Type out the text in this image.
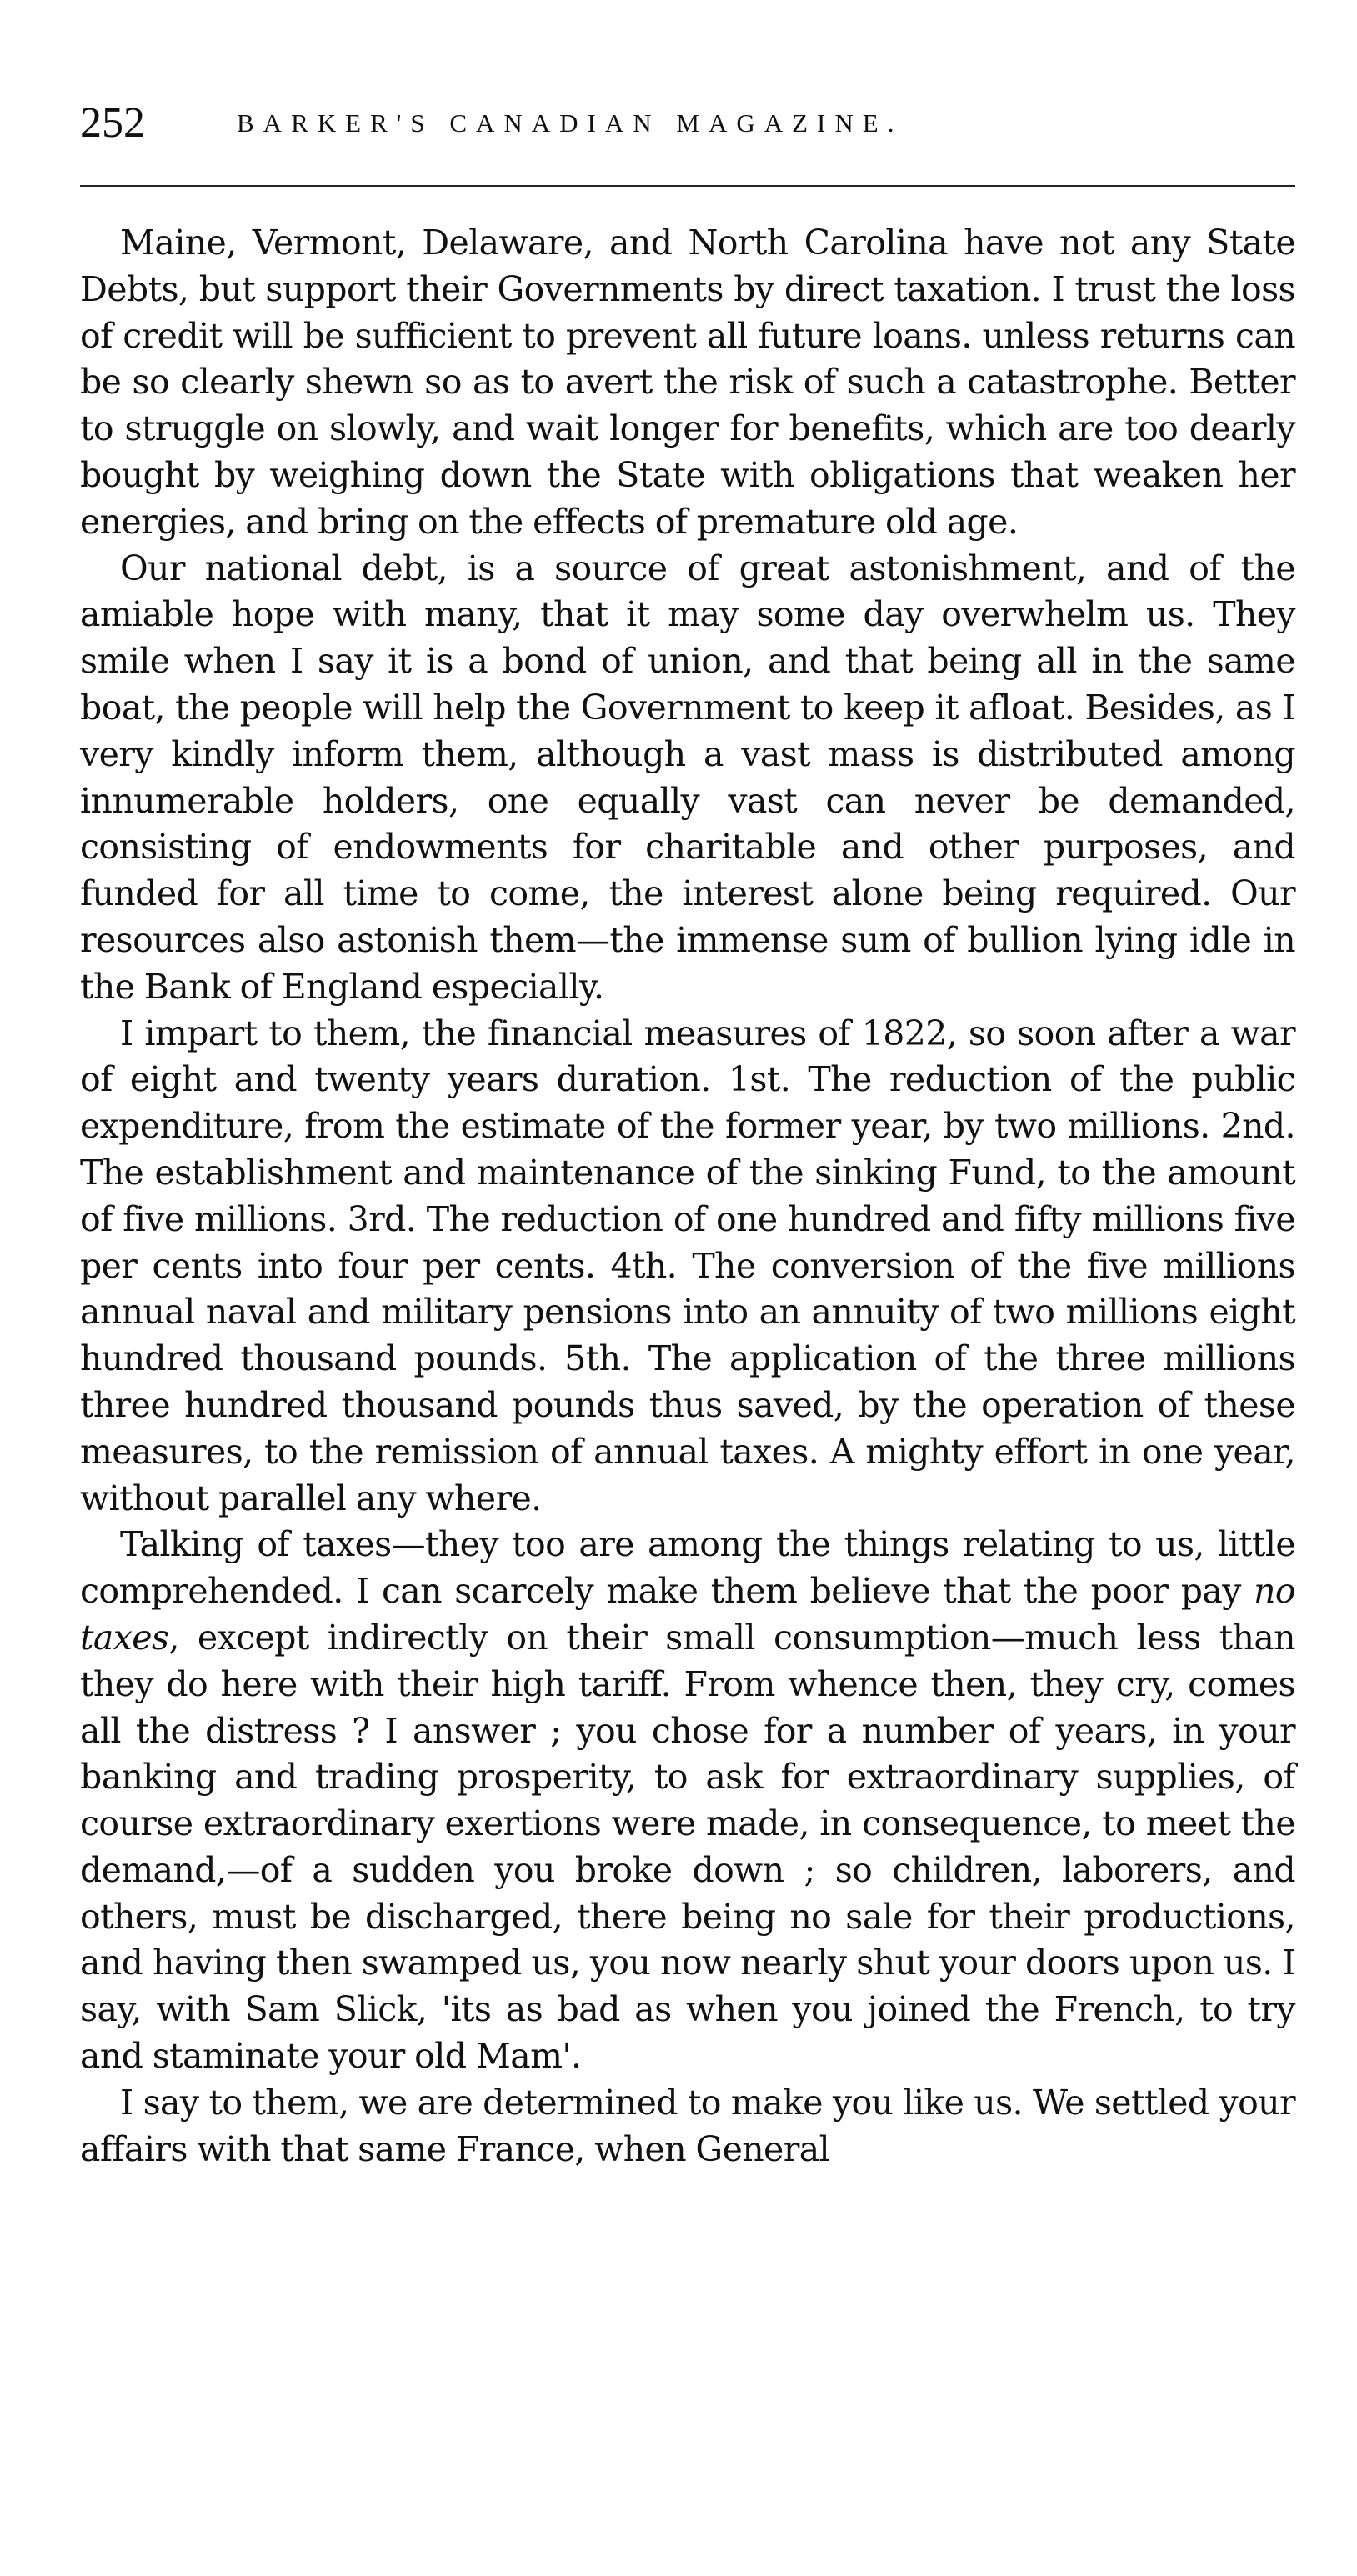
252	BARKER'S CANADIAN MAGAZINE.

Maine, Vermont, Delaware, and North Carolina have not any State Debts, but support their Governments by direct taxation. I trust the loss of credit will be sufficient to prevent all future loans. unless returns can be so clearly shewn so as to avert the risk of such a catastrophe. Better to struggle on slowly, and wait longer for benefits, which are too dearly bought by weighing down the State with obligations that weaken her energies, and bring on the effects of premature old age.

Our national debt, is a source of great astonishment, and of the amiable hope with many, that it may some day overwhelm us. They smile when I say it is a bond of union, and that being all in the same boat, the people will help the Government to keep it afloat. Besides, as I very kindly inform them, although a vast mass is distributed among innumerable holders, one equally vast can never be demanded, consisting of endowments for charitable and other purposes, and funded for all time to come, the interest alone being required. Our resources also astonish them—the immense sum of bullion lying idle in the Bank of England especially.

I impart to them, the financial measures of 1822, so soon after a war of eight and twenty years duration. 1st. The reduction of the public expenditure, from the estimate of the former year, by two millions. 2nd. The establishment and maintenance of the sinking Fund, to the amount of five millions. 3rd. The reduction of one hundred and fifty millions five per cents into four per cents. 4th. The conversion of the five millions annual naval and military pensions into an annuity of two millions eight hundred thousand pounds. 5th. The application of the three millions three hundred thousand pounds thus saved, by the operation of these measures, to the remission of annual taxes. A mighty effort in one year, without parallel any where.

Talking of taxes—they too are among the things relating to us, little comprehended. I can scarcely make them believe that the poor pay no taxes, except indirectly on their small consumption—much less than they do here with their high tariff. From whence then, they cry, comes all the distress ? I answer ; you chose for a number of years, in your banking and trading prosperity, to ask for extraordinary supplies, of course extraordinary exertions were made, in consequence, to meet the demand,—of a sudden you broke down ; so children, laborers, and others, must be discharged, there being no sale for their productions, and having then swamped us, you now nearly shut your doors upon us. I say, with Sam Slick, 'its as bad as when you joined the French, to try and staminate your old Mam'.

I say to them, we are determined to make you like us. We settled your affairs with that same France, when General
